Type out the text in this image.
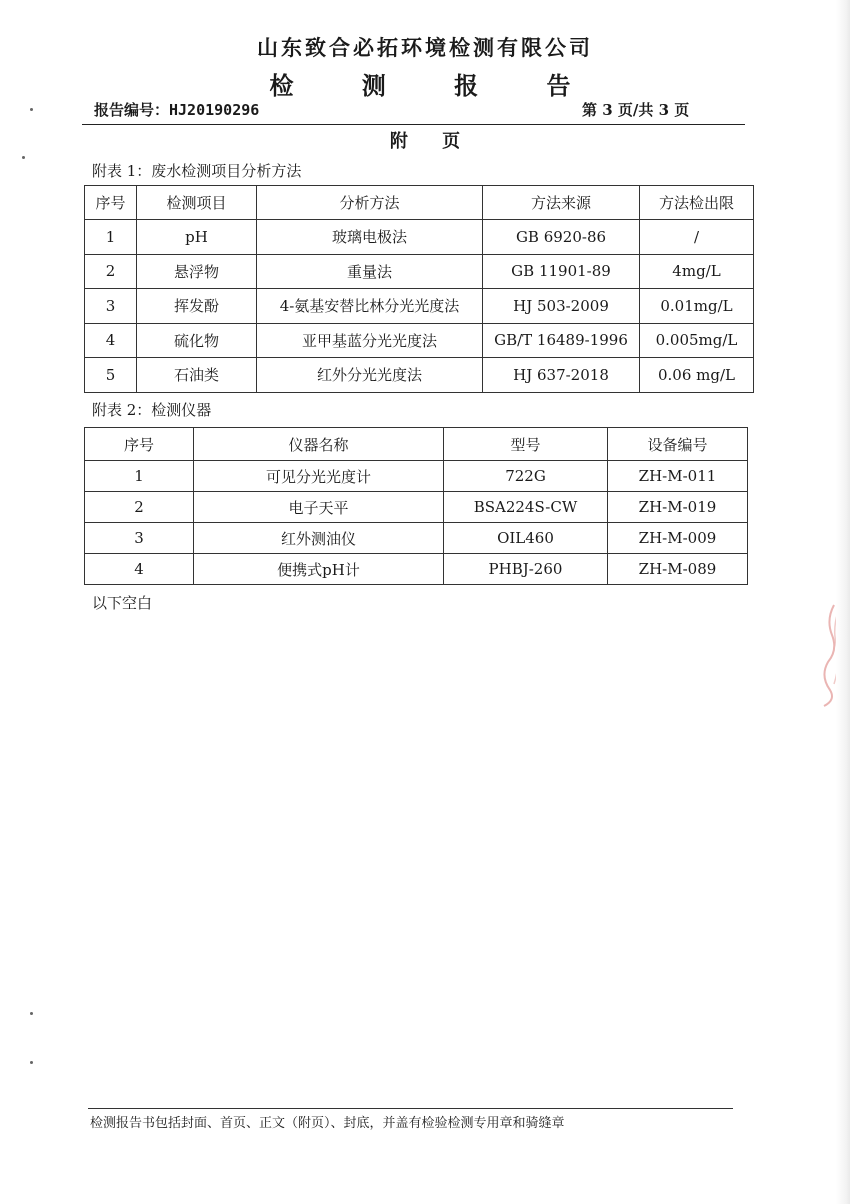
山东致合必拓环境检测有限公司
检 测 报 告
报告编号：HJ20190296	第 3 页/共 3 页
附 页
附表 1：废水检测项目分析方法
序号	检测项目	分析方法	方法来源	方法检出限
1	pH	玻璃电极法	GB 6920-86	/
2	悬浮物	重量法	GB 11901-89	4mg/L
3	挥发酚	4-氨基安替比林分光光度法	HJ 503-2009	0.01mg/L
4	硫化物	亚甲基蓝分光光度法	GB/T 16489-1996	0.005mg/L
5	石油类	红外分光光度法	HJ 637-2018	0.06 mg/L
附表 2：检测仪器
序号	仪器名称	型号	设备编号
1	可见分光光度计	722G	ZH-M-011
2	电子天平	BSA224S-CW	ZH-M-019
3	红外测油仪	OIL460	ZH-M-009
4	便携式pH计	PHBJ-260	ZH-M-089
以下空白
检测报告书包括封面、首页、正文（附页）、封底，并盖有检验检测专用章和骑缝章
